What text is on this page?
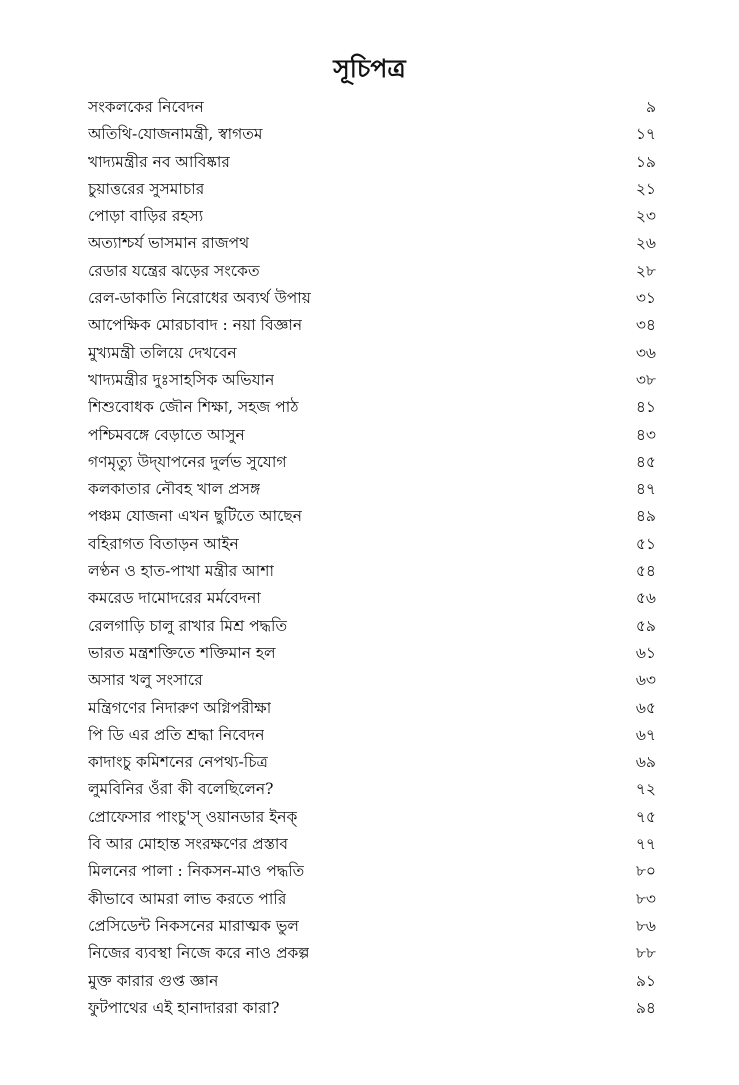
সূচিপত্র
সংকলকের নিবেদন	৯
অতিথি-যোজনামন্ত্রী, স্বাগতম	১৭
খাদ্যমন্ত্রীর নব আবিষ্কার	১৯
চুয়াত্তরের সুসমাচার	২১
পোড়া বাড়ির রহস্য	২৩
অত্যাশ্চর্য ভাসমান রাজপথ	২৬
রেডার যন্ত্রের ঝড়ের সংকেত	২৮
রেল-ডাকাতি নিরোধের অব্যর্থ উপায়	৩১
আপেক্ষিক মোরচাবাদ : নয়া বিজ্ঞান	৩৪
মুখ্যমন্ত্রী তলিয়ে দেখবেন	৩৬
খাদ্যমন্ত্রীর দুঃসাহসিক অভিযান	৩৮
শিশুবোধক জৌন শিক্ষা, সহজ পাঠ	৪১
পশ্চিমবঙ্গে বেড়াতে আসুন	৪৩
গণমৃত্যু উদ্‌যাপনের দুর্লভ সুযোগ	৪৫
কলকাতার নৌবহ খাল প্রসঙ্গ	৪৭
পঞ্চম যোজনা এখন ছুটিতে আছেন	৪৯
বহিরাগত বিতাড়ন আইন	৫১
লণ্ঠন ও হাত-পাখা মন্ত্রীর আশা	৫৪
কমরেড দামোদরের মর্মবেদনা	৫৬
রেলগাড়ি চালু রাখার মিশ্র পদ্ধতি	৫৯
ভারত মন্ত্রশক্তিতে শক্তিমান হল	৬১
অসার খলু সংসারে	৬৩
মন্ত্রিগণের নিদারুণ অগ্নিপরীক্ষা	৬৫
পি ডি এর প্রতি শ্রদ্ধা নিবেদন	৬৭
কাদাংচু কমিশনের নেপথ্য-চিত্র	৬৯
লুমবিনির ওঁরা কী বলেছিলেন?	৭২
প্রোফেসার পাংচু'স্ ওয়ানডার ইনক্	৭৫
বি আর মোহান্ত সংরক্ষণের প্রস্তাব	৭৭
মিলনের পালা : নিকসন-মাও পদ্ধতি	৮০
কীভাবে আমরা লাভ করতে পারি	৮৩
প্রেসিডেন্ট নিকসনের মারাত্মক ভুল	৮৬
নিজের ব্যবস্থা নিজে করে নাও প্রকল্প	৮৮
মুক্ত কারার গুপ্ত জ্ঞান	৯১
ফুটপাথের এই হানাদাররা কারা?	৯৪
